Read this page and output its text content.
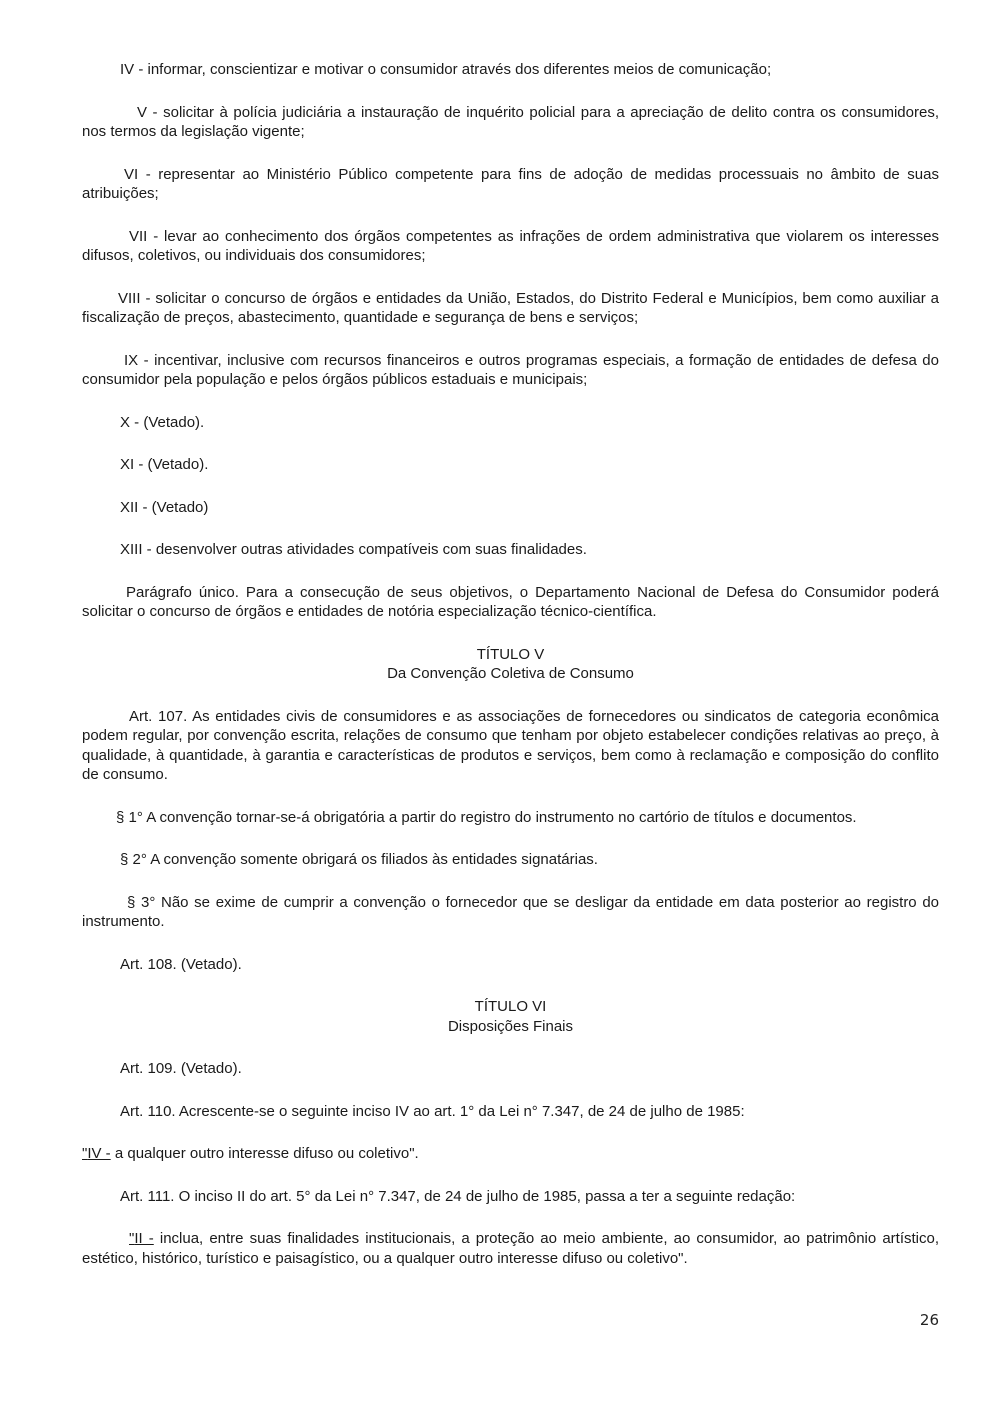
IV - informar, conscientizar e motivar o consumidor através dos diferentes meios de comunicação;

V - solicitar à polícia judiciária a instauração de inquérito policial para a apreciação de delito contra os consumidores, nos termos da legislação vigente;

VI - representar ao Ministério Público competente para fins de adoção de medidas processuais no âmbito de suas atribuições;

VII - levar ao conhecimento dos órgãos competentes as infrações de ordem administrativa que violarem os interesses difusos, coletivos, ou individuais dos consumidores;

VIII - solicitar o concurso de órgãos e entidades da União, Estados, do Distrito Federal e Municípios, bem como auxiliar a fiscalização de preços, abastecimento, quantidade e segurança de bens e serviços;

IX - incentivar, inclusive com recursos financeiros e outros programas especiais, a formação de entidades de defesa do consumidor pela população e pelos órgãos públicos estaduais e municipais;

X - (Vetado).

XI - (Vetado).

XII - (Vetado)

XIII - desenvolver outras atividades compatíveis com suas finalidades.

Parágrafo único. Para a consecução de seus objetivos, o Departamento Nacional de Defesa do Consumidor poderá solicitar o concurso de órgãos e entidades de notória especialização técnico-científica.

TÍTULO V

Da Convenção Coletiva de Consumo

Art. 107. As entidades civis de consumidores e as associações de fornecedores ou sindicatos de categoria econômica podem regular, por convenção escrita, relações de consumo que tenham por objeto estabelecer condições relativas ao preço, à qualidade, à quantidade, à garantia e características de produtos e serviços, bem como à reclamação e composição do conflito de consumo.

§ 1° A convenção tornar-se-á obrigatória a partir do registro do instrumento no cartório de títulos e documentos.

§ 2° A convenção somente obrigará os filiados às entidades signatárias.

§ 3° Não se exime de cumprir a convenção o fornecedor que se desligar da entidade em data posterior ao registro do instrumento.

Art. 108. (Vetado).

TÍTULO VI

Disposições Finais

Art. 109. (Vetado).

Art. 110. Acrescente-se o seguinte inciso IV ao art. 1° da Lei n° 7.347, de 24 de julho de 1985:

"IV - a qualquer outro interesse difuso ou coletivo".

Art. 111. O inciso II do art. 5° da Lei n° 7.347, de 24 de julho de 1985, passa a ter a seguinte redação:

"II - inclua, entre suas finalidades institucionais, a proteção ao meio ambiente, ao consumidor, ao patrimônio artístico, estético, histórico, turístico e paisagístico, ou a qualquer outro interesse difuso ou coletivo".

26
